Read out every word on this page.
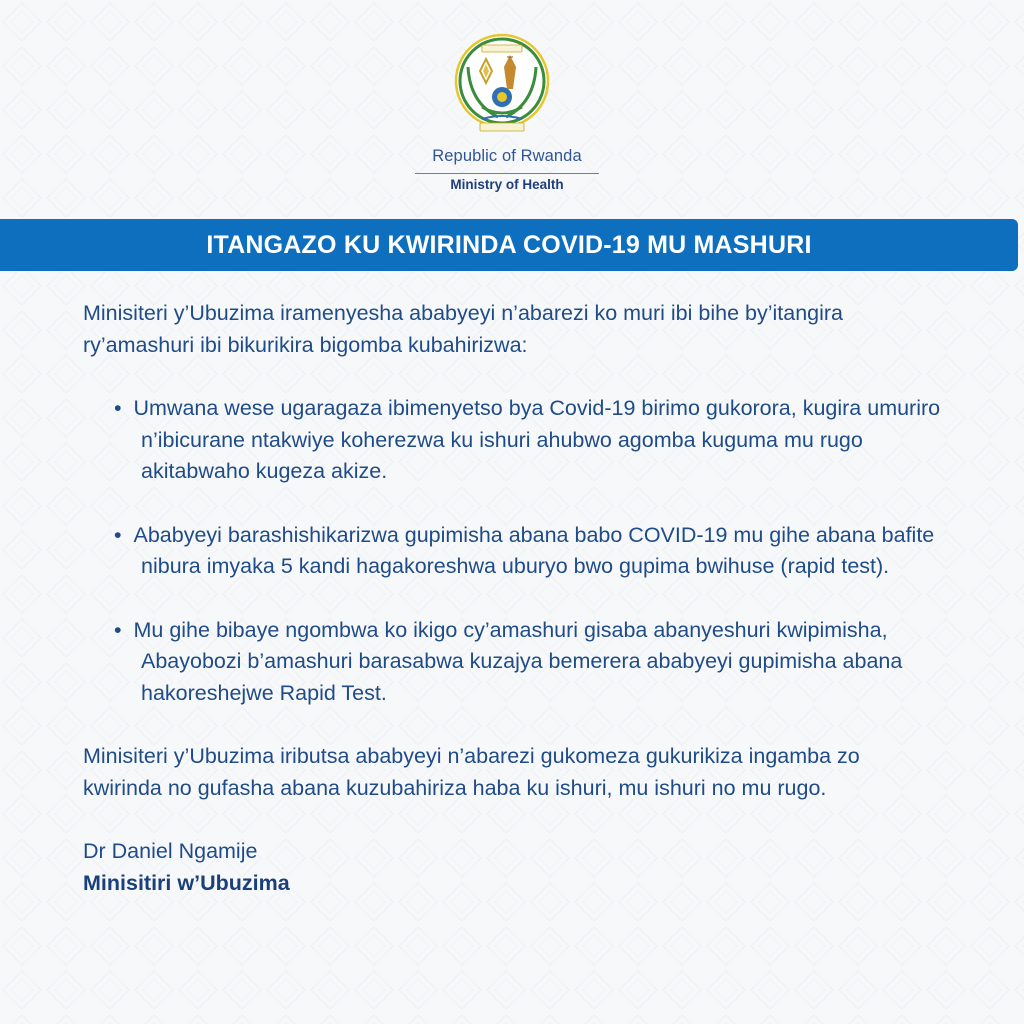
Republic of Rwanda
Ministry of Health
ITANGAZO KU KWIRINDA COVID-19 MU MASHURI

Minisiteri y’Ubuzima iramenyesha ababyeyi n’abarezi ko muri ibi bihe by’itangira ry’amashuri ibi bikurikira bigomba kubahirizwa:

• Umwana wese ugaragaza ibimenyetso bya Covid-19 birimo gukorora, kugira umuriro n’ibicurane ntakwiye koherezwa ku ishuri ahubwo agomba kuguma mu rugo akitabwaho kugeza akize.
• Ababyeyi barashishikarizwa gupimisha abana babo COVID-19 mu gihe abana bafite nibura imyaka 5 kandi hagakoreshwa uburyo bwo gupima bwihuse (rapid test).
• Mu gihe bibaye ngombwa ko ikigo cy’amashuri gisaba abanyeshuri kwipimisha, Abayobozi b’amashuri barasabwa kuzajya bemerera ababyeyi gupimisha abana hakoreshejwe Rapid Test.

Minisiteri y’Ubuzima iributsa ababyeyi n’abarezi gukomeza gukurikiza ingamba zo kwirinda no gufasha abana kuzubahiriza haba ku ishuri, mu ishuri no mu rugo.

Dr Daniel Ngamije

Minisitiri w’Ubuzima
